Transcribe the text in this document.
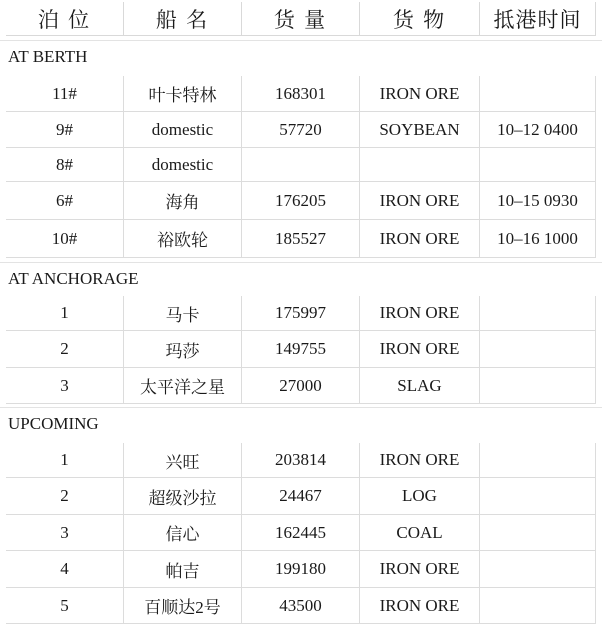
泊 位	船 名	货 量	货 物	抵港时间
AT BERTH
11#	叶卡特林	168301	IRON ORE
9#	domestic	57720	SOYBEAN	10–12 0400
8#	domestic
6#	海角	176205	IRON ORE	10–15 0930
10#	裕欧轮	185527	IRON ORE	10–16 1000
AT ANCHORAGE
1	马卡	175997	IRON ORE
2	玛莎	149755	IRON ORE
3	太平洋之星	27000	SLAG
UPCOMING
1	兴旺	203814	IRON ORE
2	超级沙拉	24467	LOG
3	信心	162445	COAL
4	帕吉	199180	IRON ORE
5	百顺达2号	43500	IRON ORE
